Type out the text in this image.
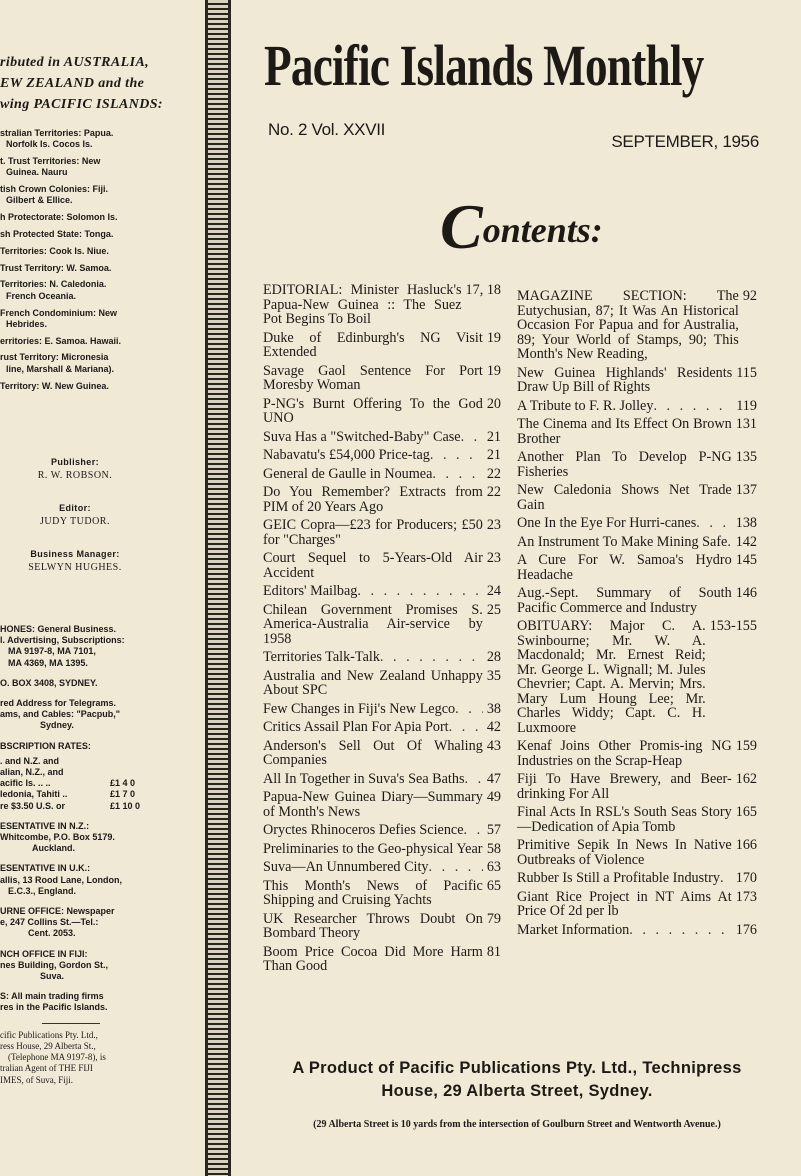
ributed in AUSTRALIA,
EW ZEALAND and the
wing PACIFIC ISLANDS:
stralian Territories: Papua.
Norfolk Is. Cocos Is.
t. Trust Territories: New
Guinea. Nauru
tish Crown Colonies: Fiji.
Gilbert & Ellice.
h Protectorate: Solomon Is.
sh Protected State: Tonga.
Territories: Cook Is. Niue.
Trust Territory: W. Samoa.
Territories: N. Caledonia.
French Oceania.
French Condominium: New
Hebrides.
erritories: E. Samoa. Hawaii.
rust Territory: Micronesia
line, Marshall & Mariana).
Territory: W. New Guinea.
Publisher:
R. W. ROBSON.
Editor:
JUDY TUDOR.
Business Manager:
SELWYN HUGHES.
HONES: General Business.
l. Advertising, Subscriptions:
MA 9197-8, MA 7101,
MA 4369, MA 1395.
O. BOX 3408, SYDNEY.
red Address for Telegrams.
ams, and Cables: "Pacpub,"
Sydney.
BSCRIPTION RATES:
. and N.Z. and
alian, N.Z., and
acific Is. .. ..	£1 4 0
ledonia, Tahiti ..	£1 7 0
re $3.50 U.S. or	£1 10 0
ESENTATIVE IN N.Z.:
Whitcombe, P.O. Box 5179.
Auckland.
ESENTATIVE IN U.K.:
allis, 13 Rood Lane, London,
E.C.3., England.
URNE OFFICE: Newspaper
e, 247 Collins St.—Tel.:
Cent. 2053.
NCH OFFICE IN FIJI:
nes Building, Gordon St.,
Suva.
S: All main trading firms
res in the Pacific Islands.
cific Publications Pty. Ltd.,
ress House, 29 Alberta St.,
(Telephone MA 9197-8), is
tralian Agent of THE FIJI
IMES, of Suva, Fiji.
Pacific Islands Monthly
No. 2 Vol. XXVII
SEPTEMBER, 1956
Contents:
EDITORIAL: Minister Hasluck's Papua-New Guinea :: The Suez Pot Begins To Boil
17, 18
Duke of Edinburgh's NG Visit Extended
19
Savage Gaol Sentence For Port Moresby Woman
19
P-NG's Burnt Offering To the God UNO
20
Suva Has a "Switched-Baby" Case . . . 21
Nabavatu's £54,000 Price-tag . . .	21
General de Gaulle in Noumea . . .	22
Do You Remember? Extracts from PIM of 20 Years Ago
22
GEIC Copra—£23 for Producers; £50 for "Charges"
23
Court Sequel to 5-Years-Old Air Accident
23
Editors' Mailbag . . .	24
Chilean Government Promises S. America-Australia Air-service by 1958
25
Territories Talk-Talk . . .	28
Australia and New Zealand Unhappy About SPC
35
Few Changes in Fiji's New Legco . . . 38
Critics Assail Plan For Apia Port . . .	42
Anderson's Sell Out Of Whaling Companies
43
All In Together in Suva's Sea Baths . . . 47
Papua-New Guinea Diary—Summary of Month's News
49
Oryctes Rhinoceros Defies Science . . . 57
Preliminaries to the Geo-physical Year . . . 58
Suva—An Unnumbered City . . .	63
This Month's News of Pacific Shipping and Cruising Yachts
65
UK Researcher Throws Doubt On Bombard Theory
79
Boom Price Cocoa Did More Harm Than Good
81
MAGAZINE SECTION: The Eutychusian, 87; It Was An Historical Occasion For Papua and for Australia, 89; Your World of Stamps, 90; This Month's New Reading,
92
New Guinea Highlands' Residents Draw Up Bill of Rights
115
A Tribute to F. R. Jolley . . .	119
The Cinema and Its Effect On Brown Brother
131
Another Plan To Develop P-NG Fisheries
135
New Caledonia Shows Net Trade Gain
137
One In the Eye For Hurri-canes . . .	138
An Instrument To Make Mining Safe . . . 142
A Cure For W. Samoa's Hydro Headache
145
Aug.-Sept. Summary of South Pacific Commerce and Industry
146
OBITUARY: Major C. A. Swinbourne; Mr. W. A. Macdonald; Mr. Ernest Reid; Mr. George L. Wignall; M. Jules Chevrier; Capt. A. Mervin; Mrs. Mary Lum Houng Lee; Mr. Charles Widdy; Capt. C. H. Luxmoore
153-155
Kenaf Joins Other Promis-ing NG Industries on the Scrap-Heap
159
Fiji To Have Brewery, and Beer-drinking For All
162
Final Acts In RSL's South Seas Story—Dedication of Apia Tomb
165
Primitive Sepik In News In Native Outbreaks of Violence
166
Rubber Is Still a Profitable Industry . . . 170
Giant Rice Project in NT Aims At Price Of 2d per lb
173
Market Information . . .	176
A Product of Pacific Publications Pty. Ltd., Technipress
House, 29 Alberta Street, Sydney.
(29 Alberta Street is 10 yards from the intersection of Goulburn Street and Wentworth Avenue.)
